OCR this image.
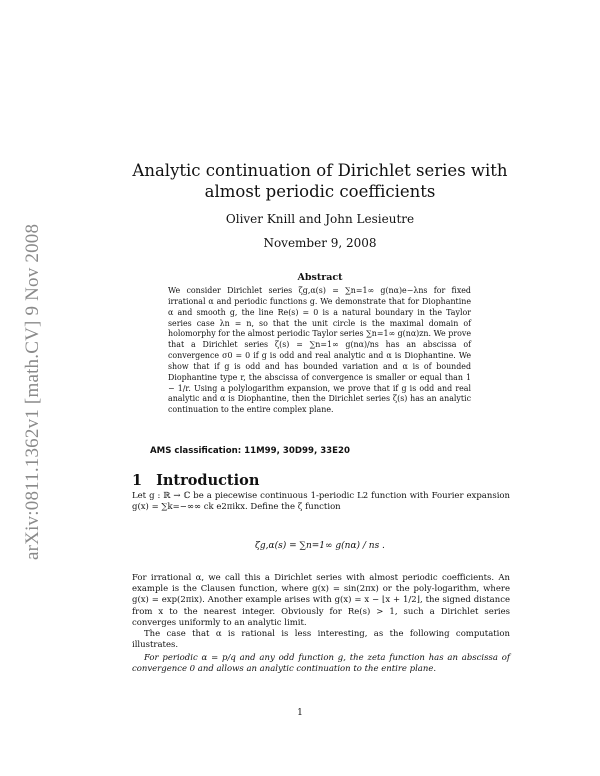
arXiv:0811.1362v1 [math.CV] 9 Nov 2008
Analytic continuation of Dirichlet series with
almost periodic coefficients
Oliver Knill and John Lesieutre
November 9, 2008
Abstract

We consider Dirichlet series ζg,α(s) = ∑n=1∞ g(nα)e−λns for fixed irrational α and periodic functions g. We demonstrate that for Diophantine α and smooth g, the line Re(s) = 0 is a natural boundary in the Taylor series case λn = n, so that the unit circle is the maximal domain of holomorphy for the almost periodic Taylor series ∑n=1∞ g(nα)zn. We prove that a Dirichlet series ζ(s) = ∑n=1∞ g(nα)/ns has an abscissa of convergence σ0 = 0 if g is odd and real analytic and α is Diophantine. We show that if g is odd and has bounded variation and α is of bounded Diophantine type r, the abscissa of convergence is smaller or equal than 1 − 1/r. Using a polylogarithm expansion, we prove that if g is odd and real analytic and α is Diophantine, then the Dirichlet series ζ(s) has an analytic continuation to the entire complex plane.

AMS classification: 11M99, 30D99, 33E20
1 Introduction

Let g : ℝ → ℂ be a piecewise continuous 1-periodic L2 function with Fourier expansion g(x) = ∑k=−∞∞ ck e2πikx. Define the ζ function

ζg,α(s) = ∑n=1∞ g(nα) / ns .

For irrational α, we call this a Dirichlet series with almost periodic coefficients. An example is the Clausen function, where g(x) = sin(2πx) or the poly-logarithm, where g(x) = exp(2πix). Another example arises with g(x) = x − ⌊x + 1/2⌋, the signed distance from x to the nearest integer. Obviously for Re(s) > 1, such a Dirichlet series converges uniformly to an analytic limit.

The case that α is rational is less interesting, as the following computation illustrates.

For periodic α = p/q and any odd function g, the zeta function has an abscissa of convergence 0 and allows an analytic continuation to the entire plane.

1
